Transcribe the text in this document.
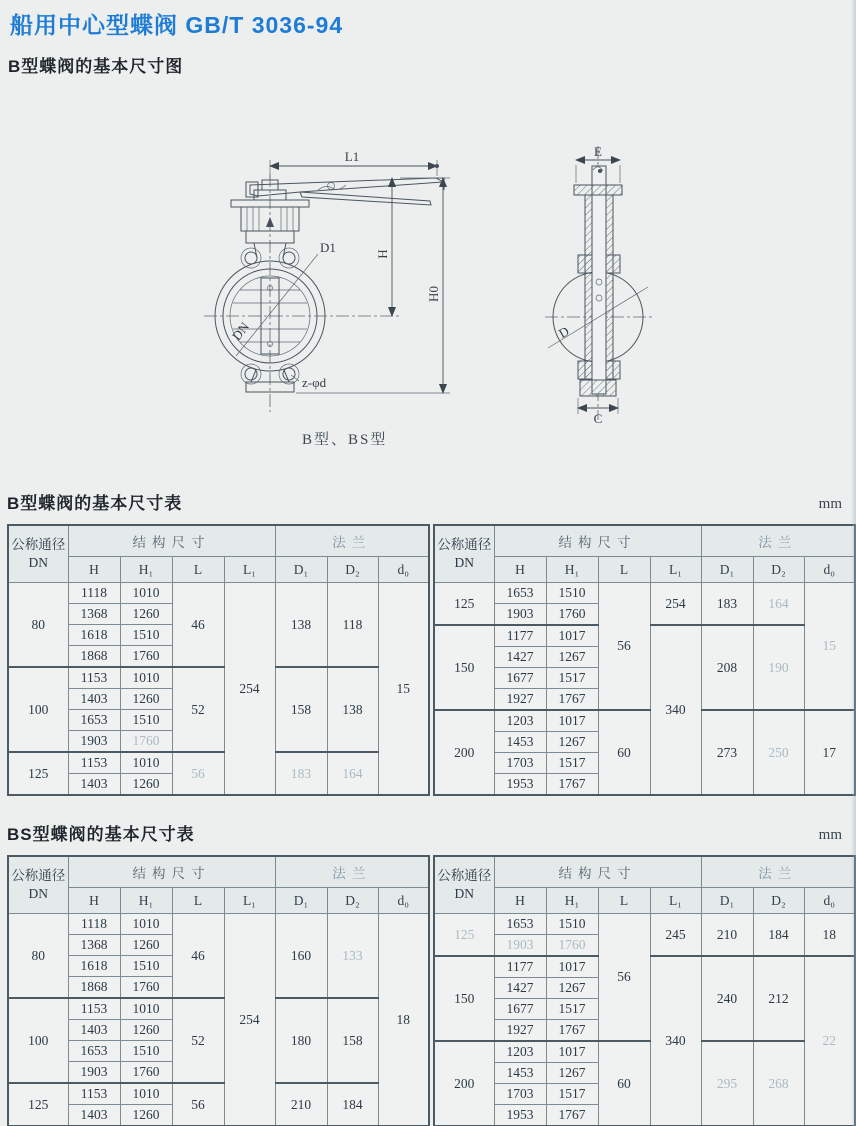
船用中心型蝶阀 GB/T 3036-94
B型蝶阀的基本尺寸图
L1
H
H0
D1
DN
z-φd
E
D
C
B型、BS型
B型蝶阀的基本尺寸表	mm
公称通径
DN	结构尺寸				法兰		
	H	H₁	L	L₁	D₁	D₂	d₀
80	1118	1010	46	254	138	118	15
	1368	1260					
	1618	1510					
	1868	1760					
100	1153	1010	52		158	138	
	1403	1260					
	1653	1510					
	1903	1760					
125	1153	1010	56		183	164	
	1403	1260					
公称通径
DN	结构尺寸				法兰		
	H	H₁	L	L₁	D₁	D₂	d₀
125	1653	1510	56	254	183	164	15
	1903	1760					
150	1177	1017		340	208	190	
	1427	1267					
	1677	1517					
	1927	1767					
200	1203	1017	60		273	250	17
	1453	1267					
	1703	1517					
	1953	1767					
BS型蝶阀的基本尺寸表	mm
公称通径
DN	结构尺寸				法兰		
	H	H₁	L	L₁	D₁	D₂	d₀
80	1118	1010	46	254	160	133	18
	1368	1260					
	1618	1510					
	1868	1760					
100	1153	1010	52		180	158	
	1403	1260					
	1653	1510					
	1903	1760					
125	1153	1010	56		210	184	
	1403	1260					
公称通径
DN	结构尺寸				法兰		
	H	H₁	L	L₁	D₁	D₂	d₀
125	1653	1510	56	245	210	184	18
	1903	1760					
150	1177	1017		340	240	212	22
	1427	1267					
	1677	1517					
	1927	1767					
200	1203	1017	60		295	268	
	1453	1267					
	1703	1517					
	1953	1767					
